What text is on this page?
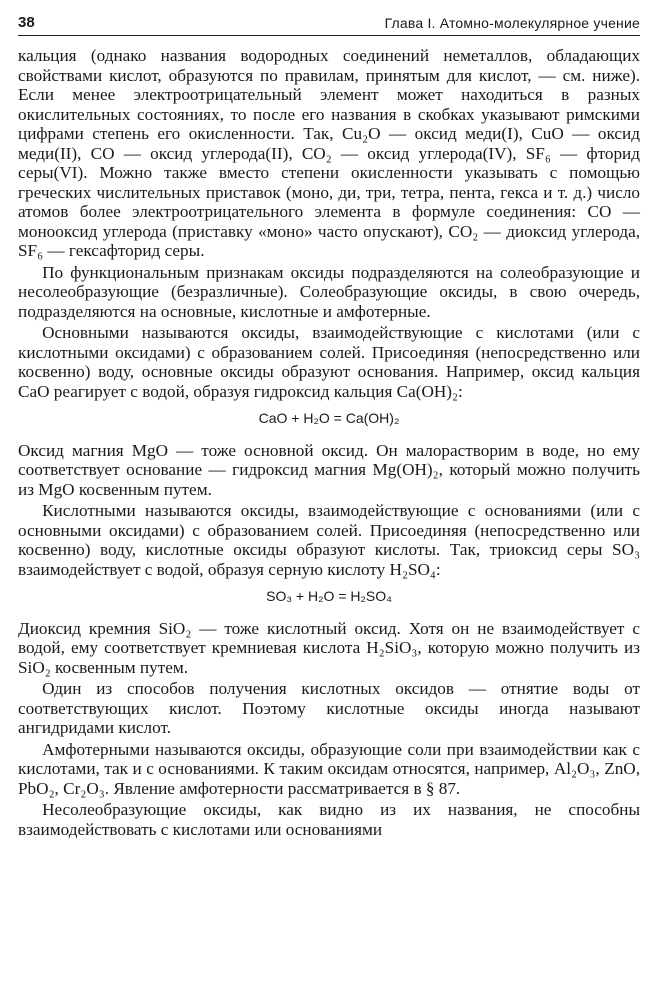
38	Глава I. Атомно-молекулярное учение

кальция (однако названия водородных соединений неметаллов, обладающих свойствами кислот, образуются по правилам, принятым для кислот, — см. ниже). Если менее электроотрицательный элемент может находиться в разных окислительных состояниях, то после его названия в скобках указывают римскими цифрами степень его окисленности. Так, Cu₂O — оксид меди(I), CuO — оксид меди(II), CO — оксид углерода(II), CO₂ — оксид углерода(IV), SF₆ — фторид серы(VI). Можно также вместо степени окисленности указывать с помощью греческих числительных приставок (моно, ди, три, тетра, пента, гекса и т. д.) число атомов более электроотрицательного элемента в формуле соединения: CO — монооксид углерода (приставку «моно» часто опускают), CO₂ — диоксид углерода, SF₆ — гексафторид серы.

По функциональным признакам оксиды подразделяются на солеобразующие и несолеобразующие (безразличные). Солеобразующие оксиды, в свою очередь, подразделяются на основные, кислотные и амфотерные.

Основными называются оксиды, взаимодействующие с кислотами (или с кислотными оксидами) с образованием солей. Присоединяя (непосредственно или косвенно) воду, основные оксиды образуют основания. Например, оксид кальция CaO реагирует с водой, образуя гидроксид кальция Ca(OH)₂:

CaO + H₂O = Ca(OH)₂

Оксид магния MgO — тоже основной оксид. Он малорастворим в воде, но ему соответствует основание — гидроксид магния Mg(OH)₂, который можно получить из MgO косвенным путем.

Кислотными называются оксиды, взаимодействующие с основаниями (или с основными оксидами) с образованием солей. Присоединяя (непосредственно или косвенно) воду, кислотные оксиды образуют кислоты. Так, триоксид серы SO₃ взаимодействует с водой, образуя серную кислоту H₂SO₄:

SO₃ + H₂O = H₂SO₄

Диоксид кремния SiO₂ — тоже кислотный оксид. Хотя он не взаимодействует с водой, ему соответствует кремниевая кислота H₂SiO₃, которую можно получить из SiO₂ косвенным путем.

Один из способов получения кислотных оксидов — отнятие воды от соответствующих кислот. Поэтому кислотные оксиды иногда называют ангидридами кислот.

Амфотерными называются оксиды, образующие соли при взаимодействии как с кислотами, так и с основаниями. К таким оксидам относятся, например, Al₂O₃, ZnO, PbO₂, Cr₂O₃. Явление амфотерности рассматривается в § 87.

Несолеобразующие оксиды, как видно из их названия, не способны взаимодействовать с кислотами или основаниями
